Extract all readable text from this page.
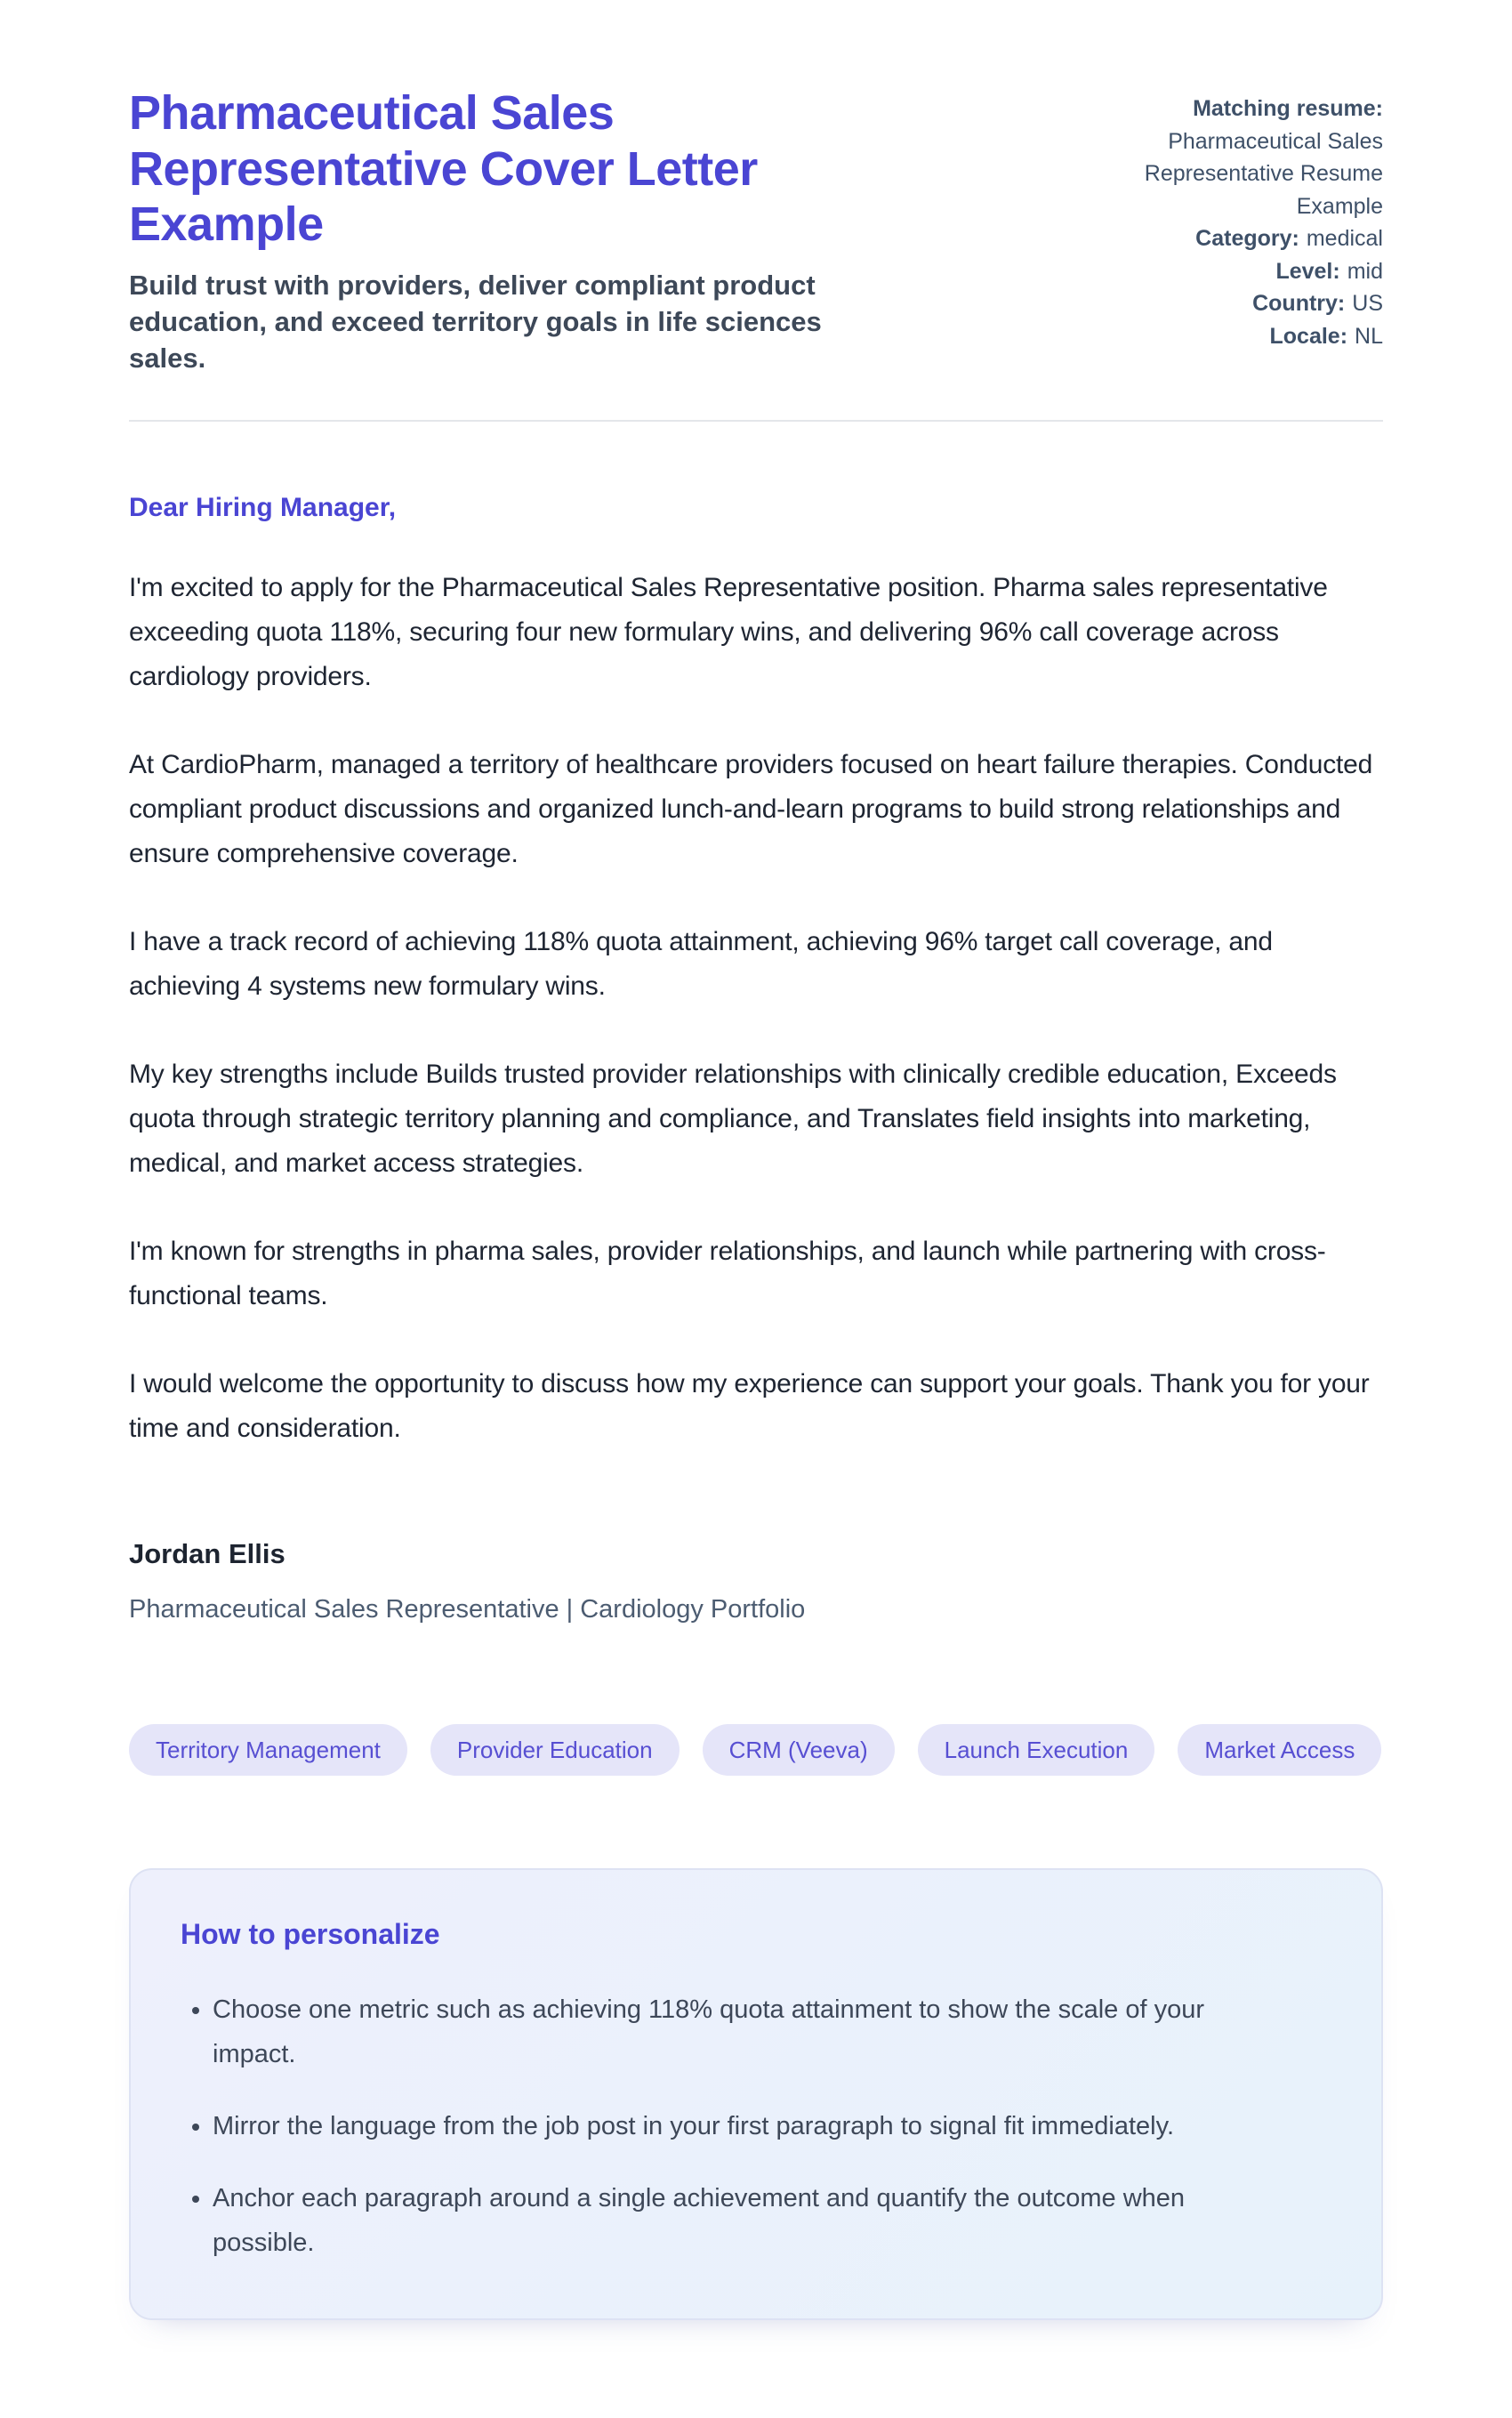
Pharmaceutical Sales Representative Cover Letter Example

Build trust with providers, deliver compliant product education, and exceed territory goals in life sciences sales.

Matching resume:
Pharmaceutical Sales Representative Resume Example
Category: medical
Level: mid
Country: US
Locale: NL

Dear Hiring Manager,

I'm excited to apply for the Pharmaceutical Sales Representative position. Pharma sales representative exceeding quota 118%, securing four new formulary wins, and delivering 96% call coverage across cardiology providers.

At CardioPharm, managed a territory of healthcare providers focused on heart failure therapies. Conducted compliant product discussions and organized lunch-and-learn programs to build strong relationships and ensure comprehensive coverage.

I have a track record of achieving 118% quota attainment, achieving 96% target call coverage, and achieving 4 systems new formulary wins.

My key strengths include Builds trusted provider relationships with clinically credible education, Exceeds quota through strategic territory planning and compliance, and Translates field insights into marketing, medical, and market access strategies.

I'm known for strengths in pharma sales, provider relationships, and launch while partnering with cross-functional teams.

I would welcome the opportunity to discuss how my experience can support your goals. Thank you for your time and consideration.

Jordan Ellis

Pharmaceutical Sales Representative | Cardiology Portfolio

Territory Management	Provider Education	CRM (Veeva)	Launch Execution	Market Access
How to personalize
• Choose one metric such as achieving 118% quota attainment to show the scale of your impact.
• Mirror the language from the job post in your first paragraph to signal fit immediately.
• Anchor each paragraph around a single achievement and quantify the outcome when possible.
